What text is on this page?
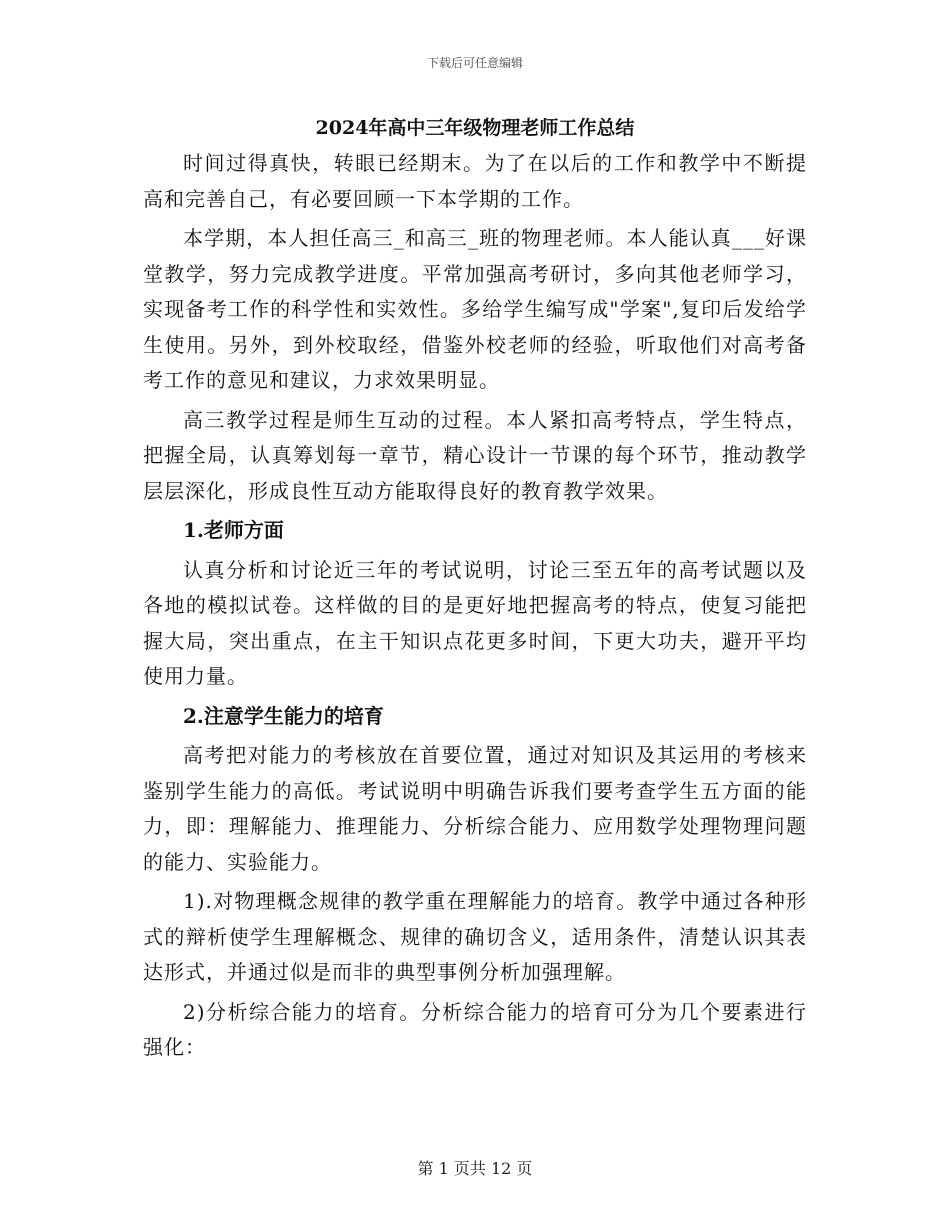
下载后可任意编辑
2024年高中三年级物理老师工作总结

时间过得真快，转眼已经期末。为了在以后的工作和教学中不断提高和完善自己，有必要回顾一下本学期的工作。

本学期，本人担任高三_和高三_班的物理老师。本人能认真___好课堂教学，努力完成教学进度。平常加强高考研讨，多向其他老师学习，实现备考工作的科学性和实效性。多给学生编写成"学案",复印后发给学生使用。另外，到外校取经，借鉴外校老师的经验，听取他们对高考备考工作的意见和建议，力求效果明显。

高三教学过程是师生互动的过程。本人紧扣高考特点，学生特点，把握全局，认真筹划每一章节，精心设计一节课的每个环节，推动教学层层深化，形成良性互动方能取得良好的教育教学效果。

1.老师方面

认真分析和讨论近三年的考试说明，讨论三至五年的高考试题以及各地的模拟试卷。这样做的目的是更好地把握高考的特点，使复习能把握大局，突出重点，在主干知识点花更多时间，下更大功夫，避开平均使用力量。

2.注意学生能力的培育

高考把对能力的考核放在首要位置，通过对知识及其运用的考核来鉴别学生能力的高低。考试说明中明确告诉我们要考查学生五方面的能力，即：理解能力、推理能力、分析综合能力、应用数学处理物理问题的能力、实验能力。

1).对物理概念规律的教学重在理解能力的培育。教学中通过各种形式的辩析使学生理解概念、规律的确切含义，适用条件，清楚认识其表达形式，并通过似是而非的典型事例分析加强理解。

2)分析综合能力的培育。分析综合能力的培育可分为几个要素进行强化：

第 1 页共 12 页
